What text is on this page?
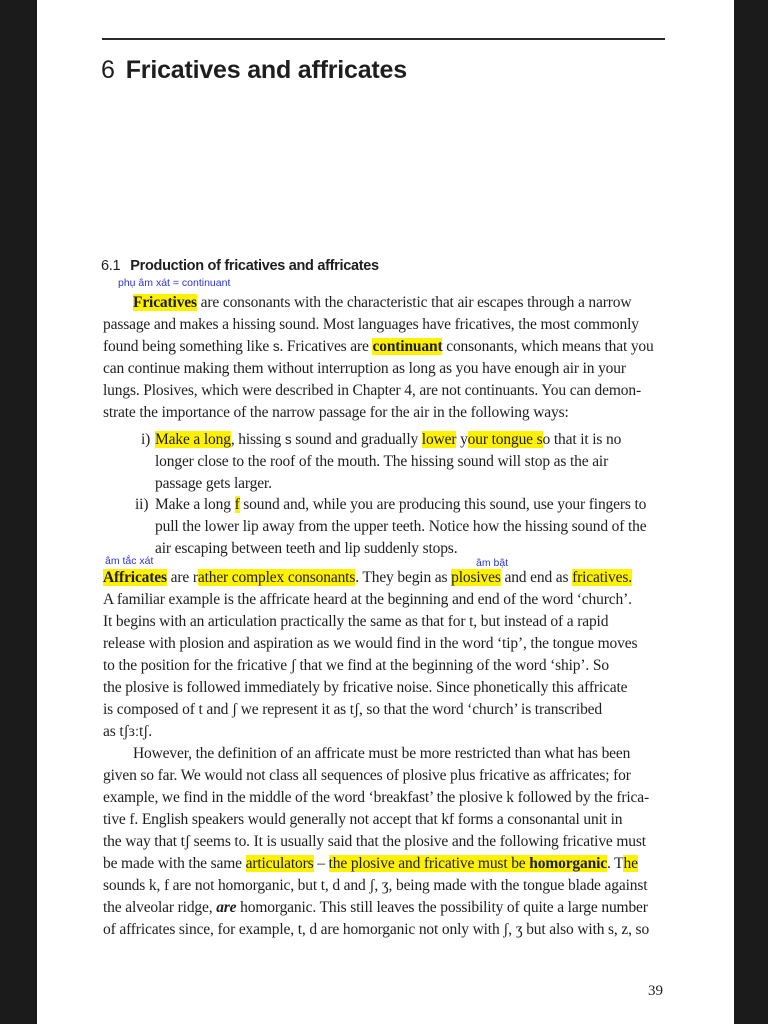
6 Fricatives and affricates
6.1 Production of fricatives and affricates
phụ âm xát = continuant
Fricatives are consonants with the characteristic that air escapes through a narrow
passage and makes a hissing sound. Most languages have fricatives, the most commonly
found being something like s. Fricatives are continuant consonants, which means that you
can continue making them without interruption as long as you have enough air in your
lungs. Plosives, which were described in Chapter 4, are not continuants. You can demon-
strate the importance of the narrow passage for the air in the following ways:
i) Make a long, hissing s sound and gradually lower your tongue so that it is no
longer close to the roof of the mouth. The hissing sound will stop as the air
passage gets larger.
ii) Make a long f sound and, while you are producing this sound, use your fingers to
pull the lower lip away from the upper teeth. Notice how the hissing sound of the
air escaping between teeth and lip suddenly stops.
âm tắc xát	âm bật
Affricates are rather complex consonants. They begin as plosives and end as fricatives.
A familiar example is the affricate heard at the beginning and end of the word ‘church’.
It begins with an articulation practically the same as that for t, but instead of a rapid
release with plosion and aspiration as we would find in the word ‘tip’, the tongue moves
to the position for the fricative ʃ that we find at the beginning of the word ‘ship’. So
the plosive is followed immediately by fricative noise. Since phonetically this affricate
is composed of t and ʃ we represent it as tʃ, so that the word ‘church’ is transcribed
as tʃɜːtʃ.
However, the definition of an affricate must be more restricted than what has been
given so far. We would not class all sequences of plosive plus fricative as affricates; for
example, we find in the middle of the word ‘breakfast’ the plosive k followed by the frica-
tive f. English speakers would generally not accept that kf forms a consonantal unit in
the way that tʃ seems to. It is usually said that the plosive and the following fricative must
be made with the same articulators – the plosive and fricative must be homorganic. The
sounds k, f are not homorganic, but t, d and ʃ, ʒ, being made with the tongue blade against
the alveolar ridge, are homorganic. This still leaves the possibility of quite a large number
of affricates since, for example, t, d are homorganic not only with ʃ, ʒ but also with s, z, so
39
